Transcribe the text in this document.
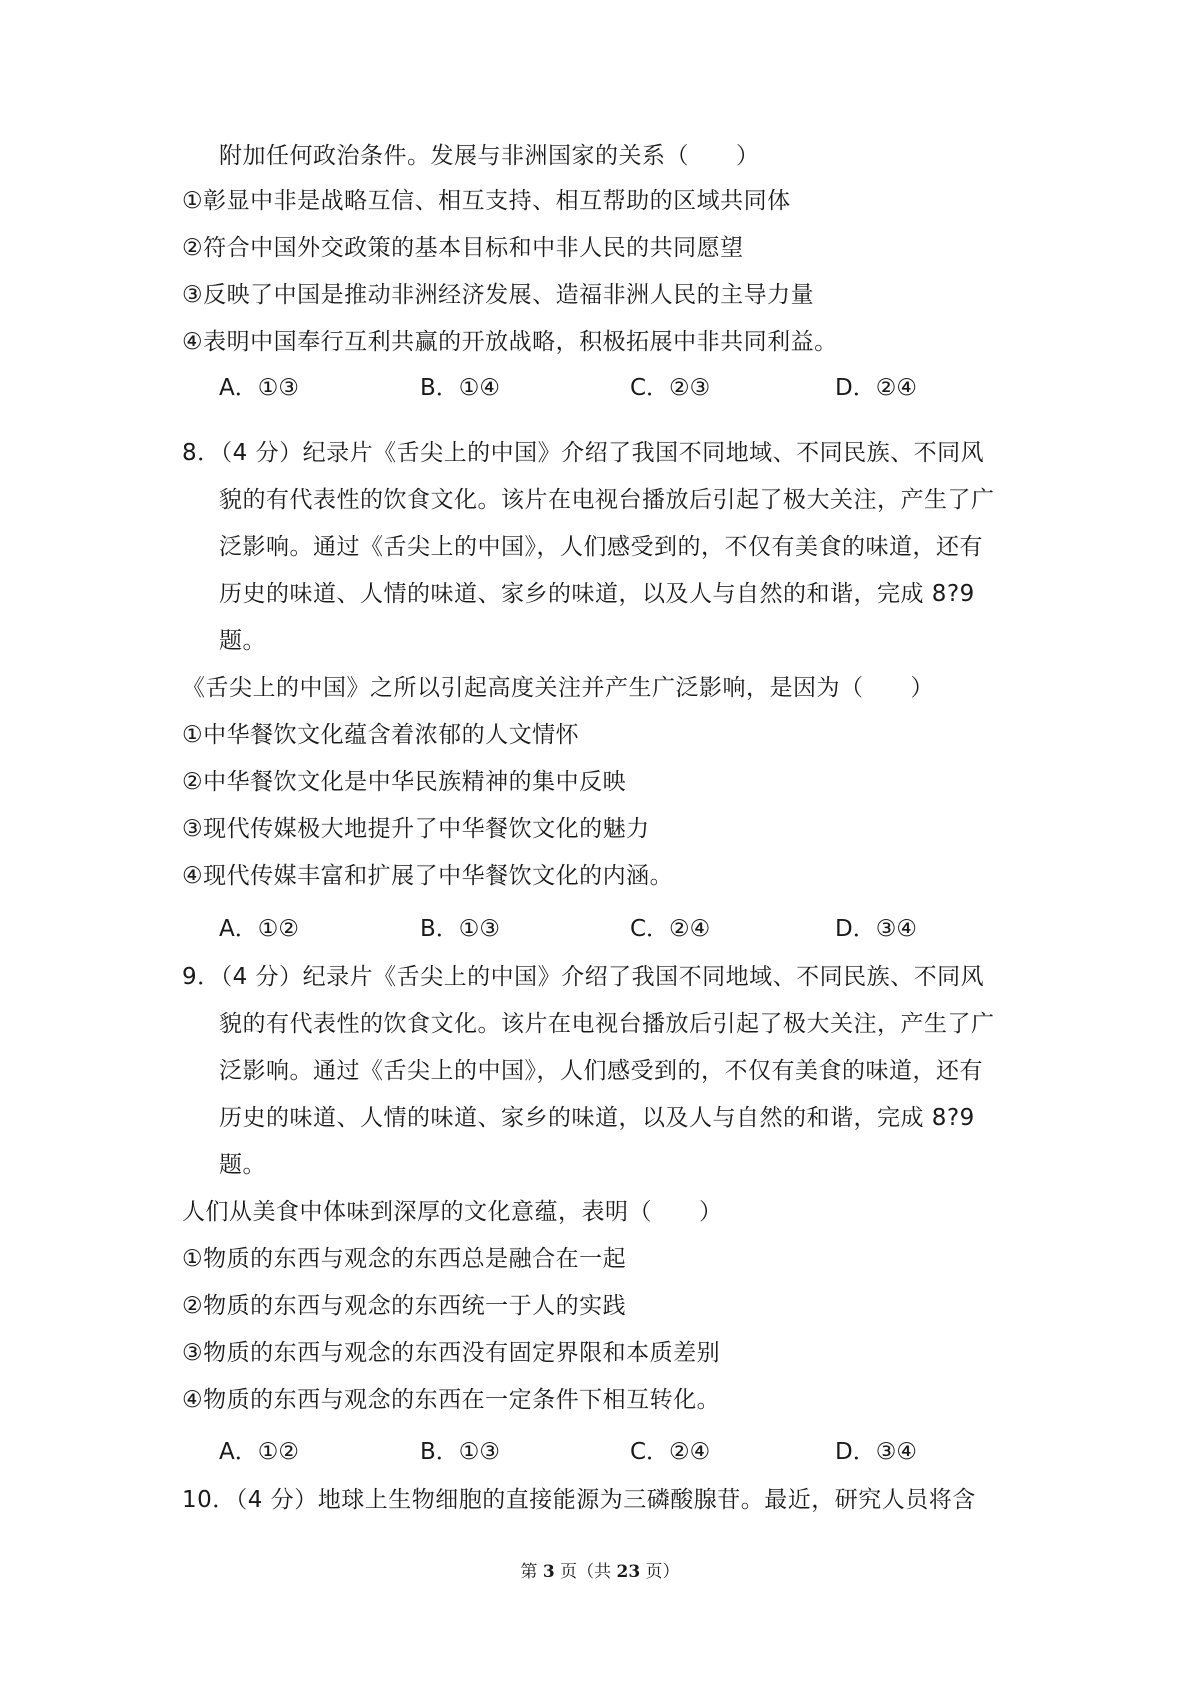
附加任何政治条件。发展与非洲国家的关系（　　）

①彰显中非是战略互信、相互支持、相互帮助的区域共同体

②符合中国外交政策的基本目标和中非人民的共同愿望

③反映了中国是推动非洲经济发展、造福非洲人民的主导力量

④表明中国奉行互利共赢的开放战略，积极拓展中非共同利益。

A．①③	B．①④	C．②③	D．②④

8．（4 分）纪录片《舌尖上的中国》介绍了我国不同地域、不同民族、不同风

貌的有代表性的饮食文化。该片在电视台播放后引起了极大关注，产生了广

泛影响。通过《舌尖上的中国》，人们感受到的，不仅有美食的味道，还有

历史的味道、人情的味道、家乡的味道，以及人与自然的和谐，完成 8?9

题。

《舌尖上的中国》之所以引起高度关注并产生广泛影响，是因为（　　）

①中华餐饮文化蕴含着浓郁的人文情怀

②中华餐饮文化是中华民族精神的集中反映

③现代传媒极大地提升了中华餐饮文化的魅力

④现代传媒丰富和扩展了中华餐饮文化的内涵。

A．①②	B．①③	C．②④	D．③④

9．（4 分）纪录片《舌尖上的中国》介绍了我国不同地域、不同民族、不同风

貌的有代表性的饮食文化。该片在电视台播放后引起了极大关注，产生了广

泛影响。通过《舌尖上的中国》，人们感受到的，不仅有美食的味道，还有

历史的味道、人情的味道、家乡的味道，以及人与自然的和谐，完成 8?9

题。

人们从美食中体味到深厚的文化意蕴，表明（　　）

①物质的东西与观念的东西总是融合在一起

②物质的东西与观念的东西统一于人的实践

③物质的东西与观念的东西没有固定界限和本质差别

④物质的东西与观念的东西在一定条件下相互转化。

A．①②	B．①③	C．②④	D．③④

10．（4 分）地球上生物细胞的直接能源为三磷酸腺苷。最近，研究人员将含

第 3 页（共 23 页）
